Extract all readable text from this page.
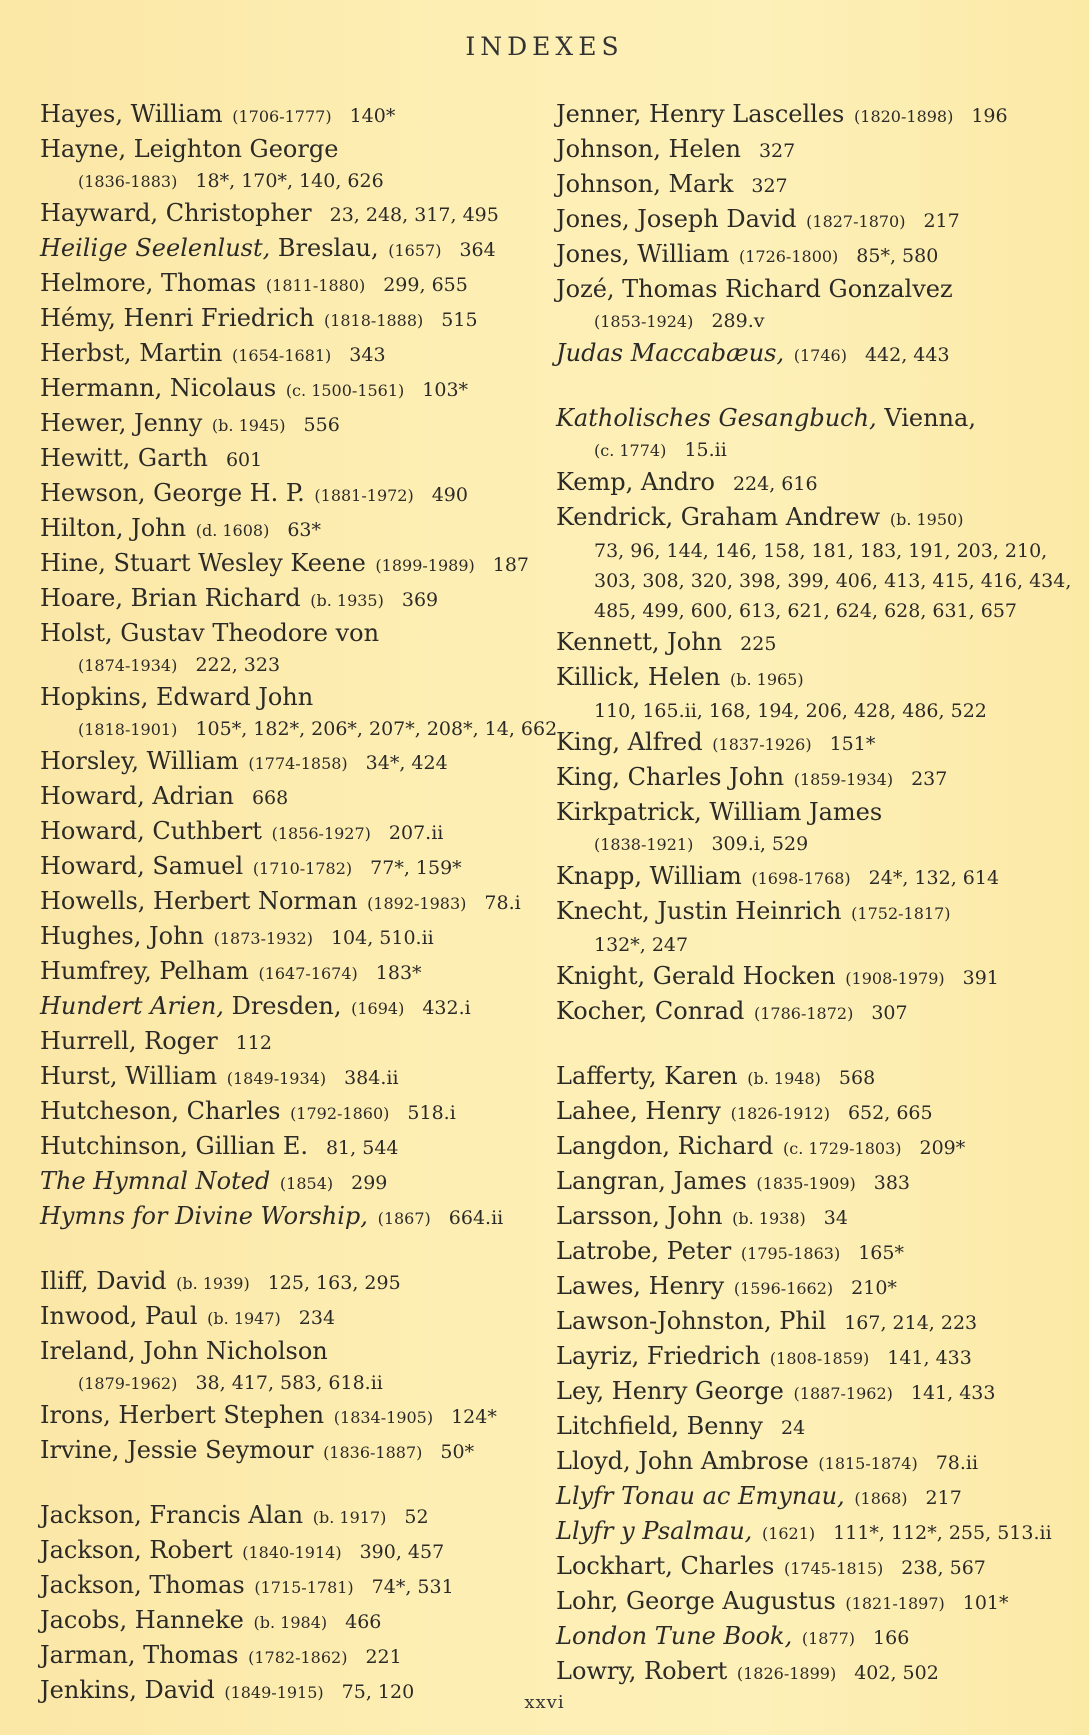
INDEXES
Hayes, William (1706-1777) 140*
Hayne, Leighton George
(1836-1883) 18*, 170*, 140, 626
Hayward, Christopher 23, 248, 317, 495
Heilige Seelenlust, Breslau, (1657) 364
Helmore, Thomas (1811-1880) 299, 655
Hémy, Henri Friedrich (1818-1888) 515
Herbst, Martin (1654-1681) 343
Hermann, Nicolaus (c. 1500-1561) 103*
Hewer, Jenny (b. 1945) 556
Hewitt, Garth 601
Hewson, George H. P. (1881-1972) 490
Hilton, John (d. 1608) 63*
Hine, Stuart Wesley Keene (1899-1989) 187
Hoare, Brian Richard (b. 1935) 369
Holst, Gustav Theodore von
(1874-1934) 222, 323
Hopkins, Edward John
(1818-1901) 105*, 182*, 206*, 207*, 208*, 14, 662
Horsley, William (1774-1858) 34*, 424
Howard, Adrian 668
Howard, Cuthbert (1856-1927) 207.ii
Howard, Samuel (1710-1782) 77*, 159*
Howells, Herbert Norman (1892-1983) 78.i
Hughes, John (1873-1932) 104, 510.ii
Humfrey, Pelham (1647-1674) 183*
Hundert Arien, Dresden, (1694) 432.i
Hurrell, Roger 112
Hurst, William (1849-1934) 384.ii
Hutcheson, Charles (1792-1860) 518.i
Hutchinson, Gillian E. 81, 544
The Hymnal Noted (1854) 299
Hymns for Divine Worship, (1867) 664.ii
Iliff, David (b. 1939) 125, 163, 295
Inwood, Paul (b. 1947) 234
Ireland, John Nicholson
(1879-1962) 38, 417, 583, 618.ii
Irons, Herbert Stephen (1834-1905) 124*
Irvine, Jessie Seymour (1836-1887) 50*
Jackson, Francis Alan (b. 1917) 52
Jackson, Robert (1840-1914) 390, 457
Jackson, Thomas (1715-1781) 74*, 531
Jacobs, Hanneke (b. 1984) 466
Jarman, Thomas (1782-1862) 221
Jenkins, David (1849-1915) 75, 120
Jenner, Henry Lascelles (1820-1898) 196
Johnson, Helen 327
Johnson, Mark 327
Jones, Joseph David (1827-1870) 217
Jones, William (1726-1800) 85*, 580
Jozé, Thomas Richard Gonzalvez
(1853-1924) 289.v
Judas Maccabæus, (1746) 442, 443
Katholisches Gesangbuch, Vienna,
(c. 1774) 15.ii
Kemp, Andro 224, 616
Kendrick, Graham Andrew (b. 1950)
73, 96, 144, 146, 158, 181, 183, 191, 203, 210, 303, 308, 320, 398, 399, 406, 413, 415, 416, 434, 485, 499, 600, 613, 621, 624, 628, 631, 657
Kennett, John 225
Killick, Helen (b. 1965)
110, 165.ii, 168, 194, 206, 428, 486, 522
King, Alfred (1837-1926) 151*
King, Charles John (1859-1934) 237
Kirkpatrick, William James
(1838-1921) 309.i, 529
Knapp, William (1698-1768) 24*, 132, 614
Knecht, Justin Heinrich (1752-1817)
132*, 247
Knight, Gerald Hocken (1908-1979) 391
Kocher, Conrad (1786-1872) 307
Lafferty, Karen (b. 1948) 568
Lahee, Henry (1826-1912) 652, 665
Langdon, Richard (c. 1729-1803) 209*
Langran, James (1835-1909) 383
Larsson, John (b. 1938) 34
Latrobe, Peter (1795-1863) 165*
Lawes, Henry (1596-1662) 210*
Lawson-Johnston, Phil 167, 214, 223
Layriz, Friedrich (1808-1859) 141, 433
Ley, Henry George (1887-1962) 141, 433
Litchfield, Benny 24
Lloyd, John Ambrose (1815-1874) 78.ii
Llyfr Tonau ac Emynau, (1868) 217
Llyfr y Psalmau, (1621) 111*, 112*, 255, 513.ii
Lockhart, Charles (1745-1815) 238, 567
Lohr, George Augustus (1821-1897) 101*
London Tune Book, (1877) 166
Lowry, Robert (1826-1899) 402, 502
xxvi
